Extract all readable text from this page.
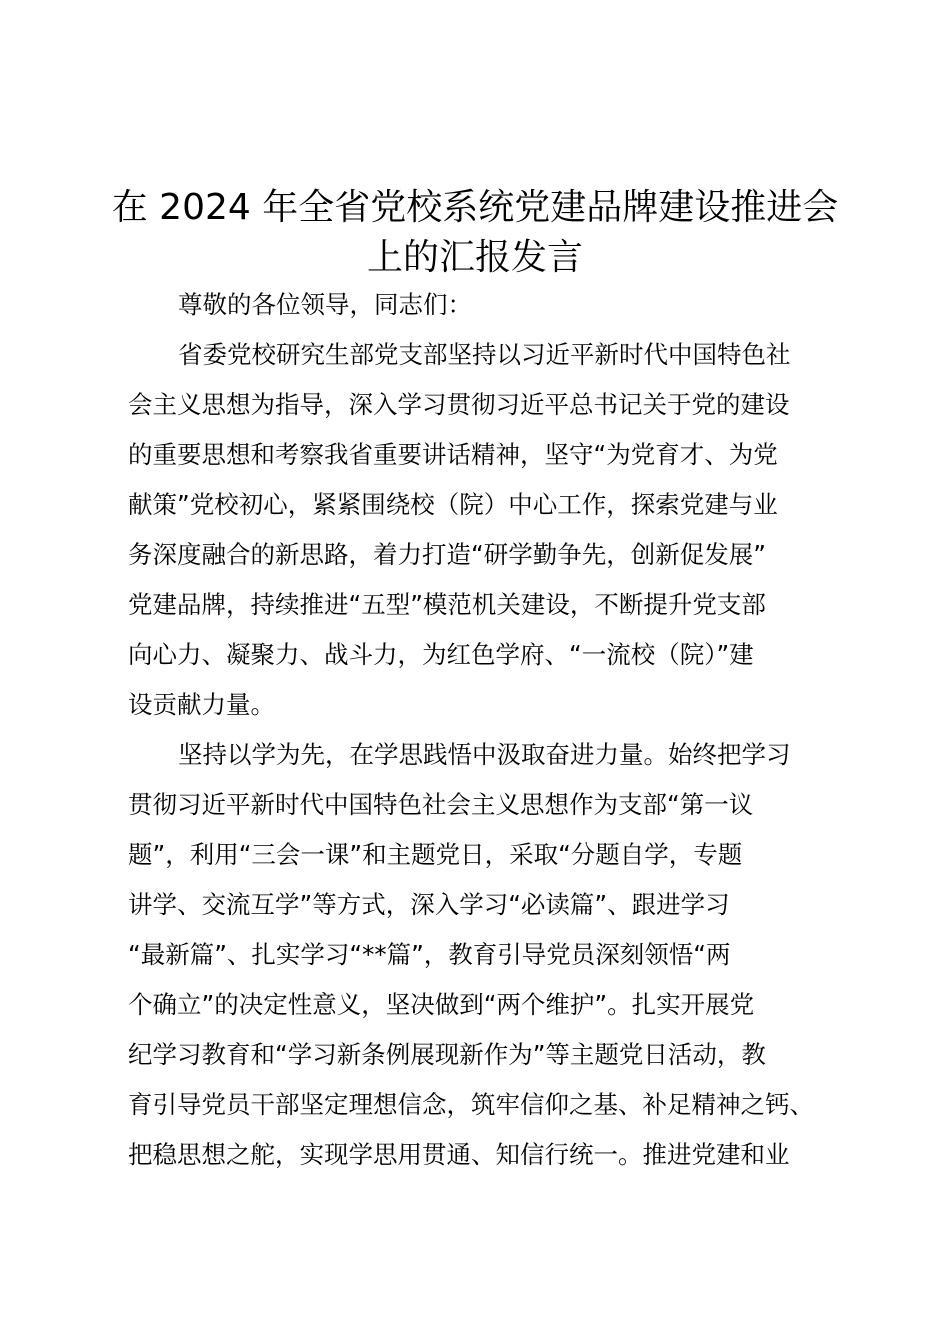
在 2024 年全省党校系统党建品牌建设推进会
上的汇报发言
尊敬的各位领导，同志们：
省委党校研究生部党支部坚持以习近平新时代中国特色社
会主义思想为指导，深入学习贯彻习近平总书记关于党的建设
的重要思想和考察我省重要讲话精神，坚守“为党育才、为党
献策”党校初心，紧紧围绕校（院）中心工作，探索党建与业
务深度融合的新思路，着力打造“研学勤争先，创新促发展”
党建品牌，持续推进“五型”模范机关建设，不断提升党支部
向心力、凝聚力、战斗力，为红色学府、“一流校（院）”建
设贡献力量。
坚持以学为先，在学思践悟中汲取奋进力量。始终把学习
贯彻习近平新时代中国特色社会主义思想作为支部“第一议
题”，利用“三会一课”和主题党日，采取“分题自学，专题
讲学、交流互学”等方式，深入学习“必读篇”、跟进学习
“最新篇”、扎实学习“**篇”，教育引导党员深刻领悟“两
个确立”的决定性意义，坚决做到“两个维护”。扎实开展党
纪学习教育和“学习新条例展现新作为”等主题党日活动，教
育引导党员干部坚定理想信念，筑牢信仰之基、补足精神之钙、
把稳思想之舵，实现学思用贯通、知信行统一。推进党建和业
